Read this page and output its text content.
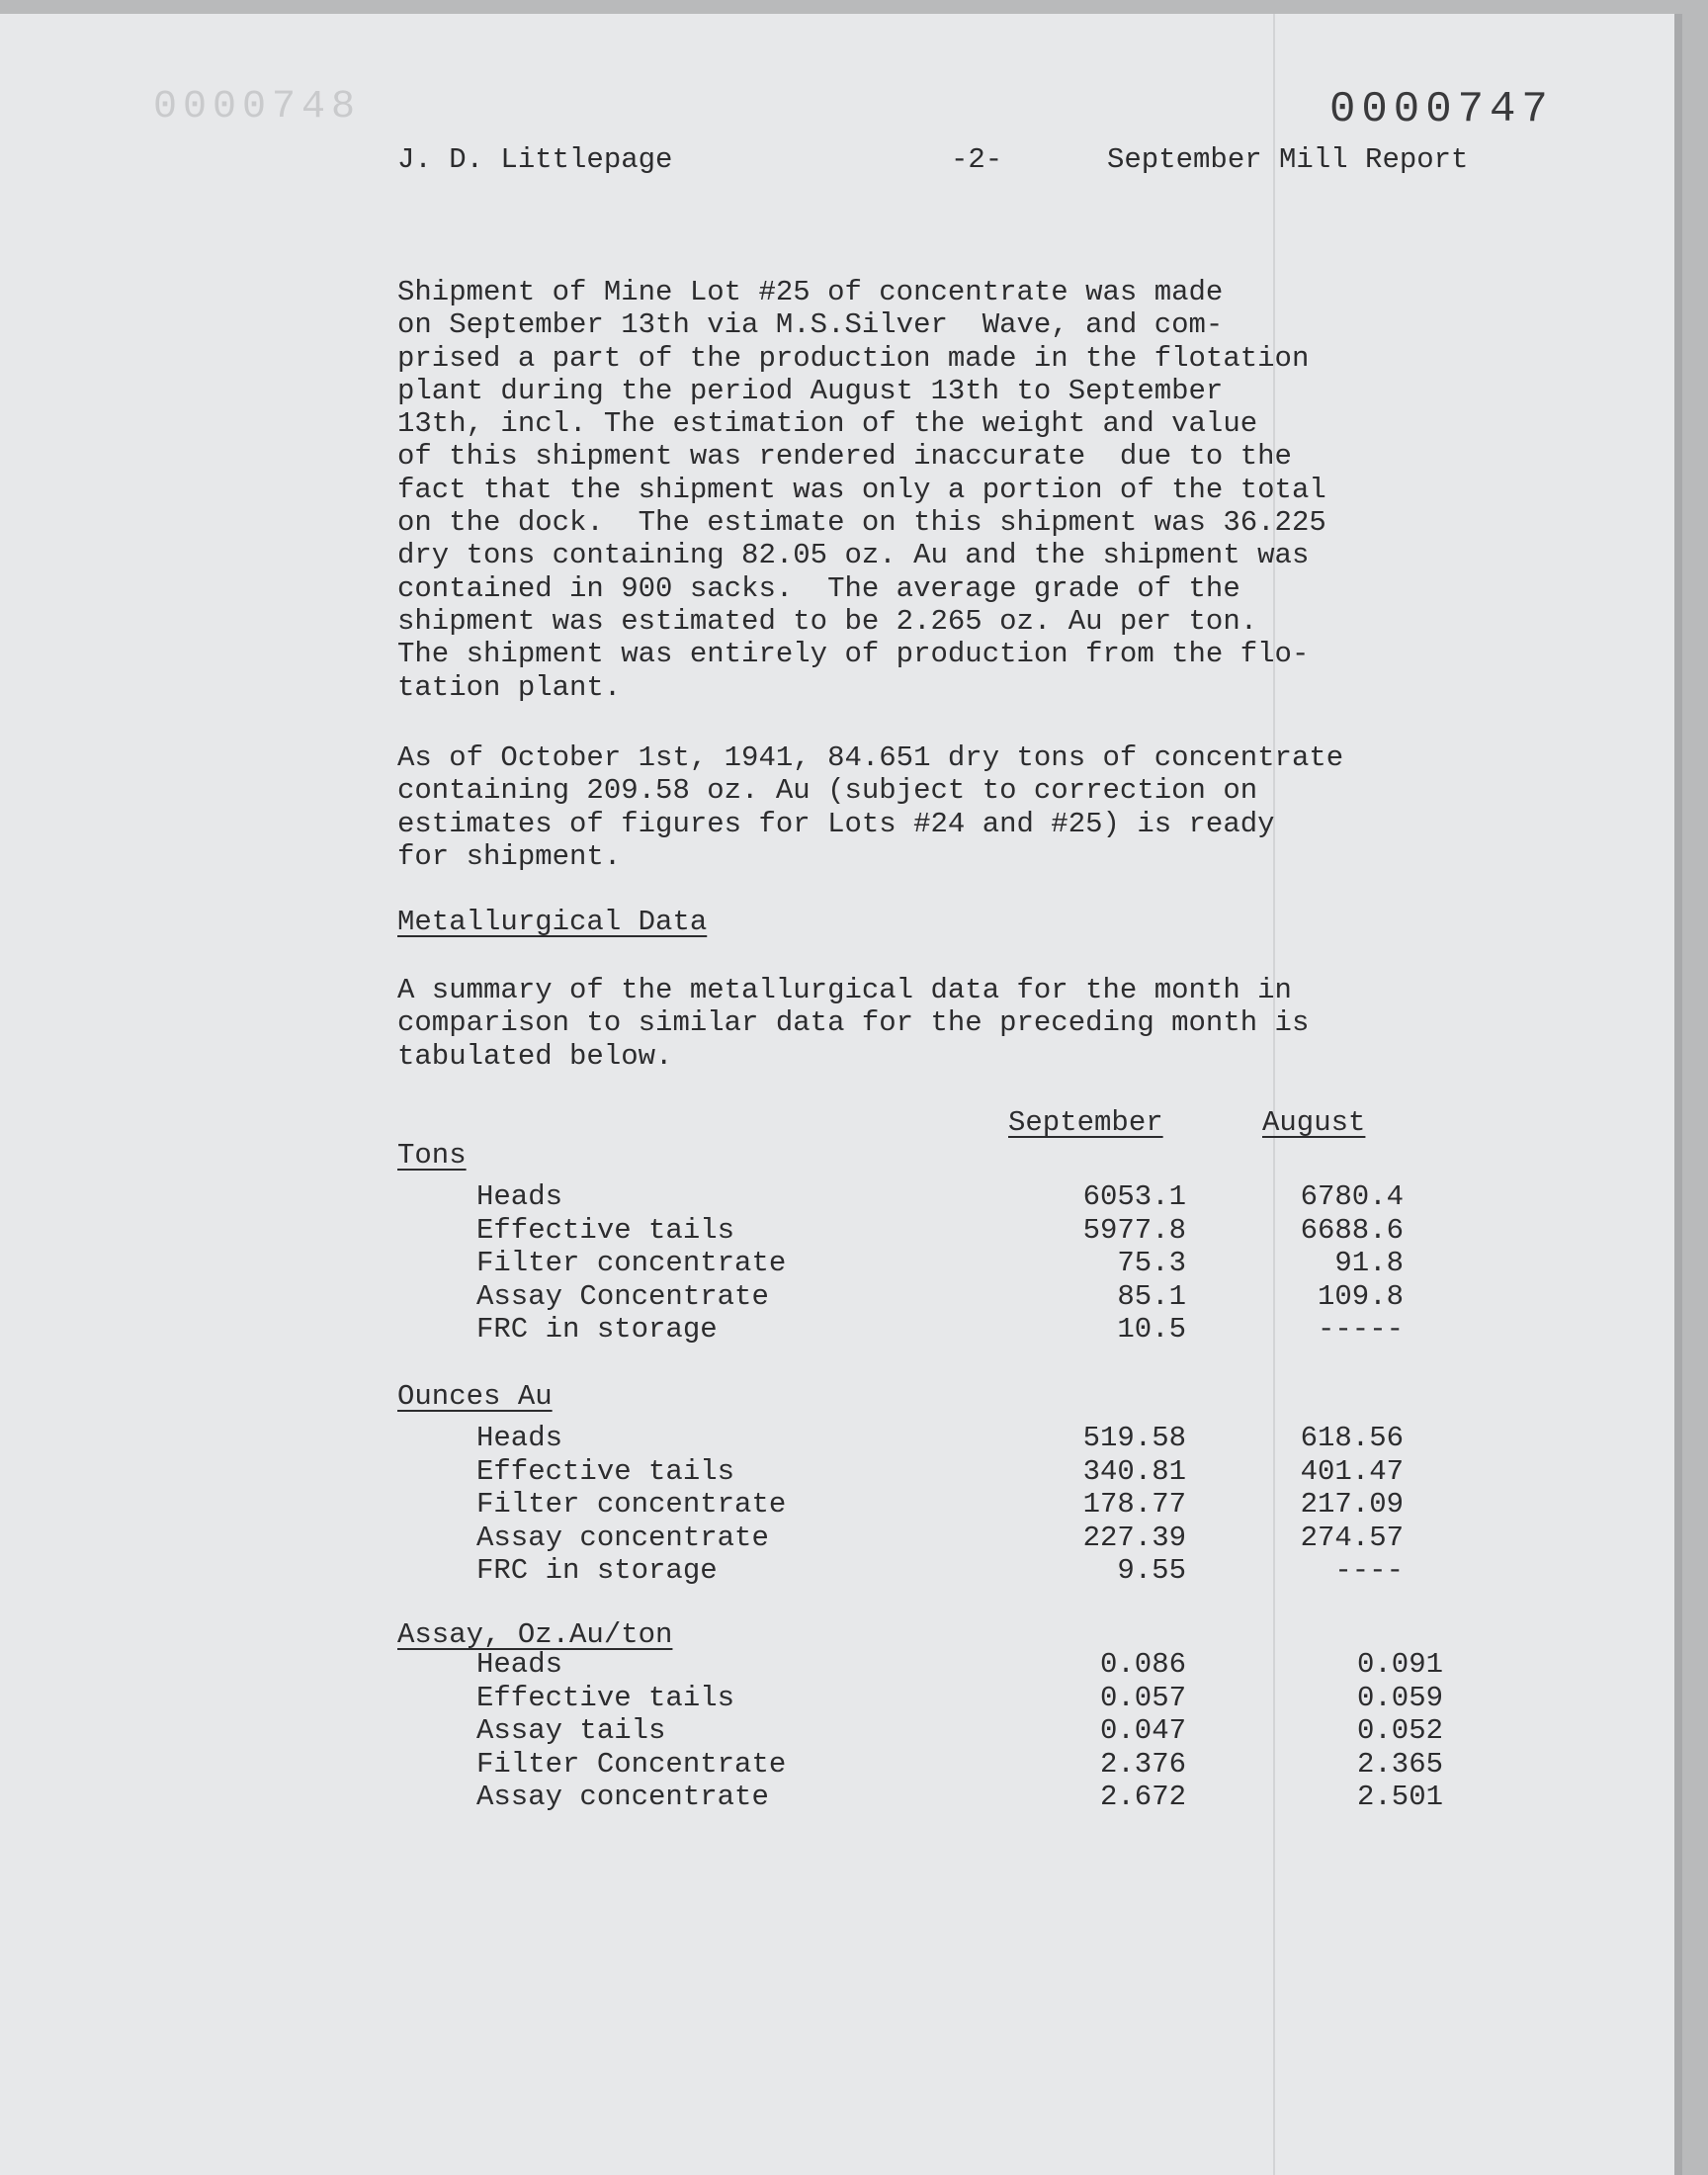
0000748	0000747
J. D. Littlepage	-2-	September Mill Report
Shipment of Mine Lot #25 of concentrate was made
on September 13th via M.S.Silver  Wave, and com-
prised a part of the production made in the flotation
plant during the period August 13th to September
13th, incl. The estimation of the weight and value
of this shipment was rendered inaccurate  due to the
fact that the shipment was only a portion of the total
on the dock.  The estimate on this shipment was 36.225
dry tons containing 82.05 oz. Au and the shipment was
contained in 900 sacks.  The average grade of the
shipment was estimated to be 2.265 oz. Au per ton.
The shipment was entirely of production from the flo-
tation plant.
As of October 1st, 1941, 84.651 dry tons of concentrate
containing 209.58 oz. Au (subject to correction on
estimates of figures for Lots #24 and #25) is ready
for shipment.
Metallurgical Data
A summary of the metallurgical data for the month in
comparison to similar data for the preceding month is
tabulated below.
September	August
Tons
Heads	6053.1	6780.4
Effective tails	5977.8	6688.6
Filter concentrate	75.3	91.8
Assay Concentrate	85.1	109.8
FRC in storage	10.5	-----
Ounces Au
Heads	519.58	618.56
Effective tails	340.81	401.47
Filter concentrate	178.77	217.09
Assay concentrate	227.39	274.57
FRC in storage	9.55	----
Assay, Oz.Au/ton
Heads	0.086	0.091
Effective tails	0.057	0.059
Assay tails	0.047	0.052
Filter Concentrate	2.376	2.365
Assay concentrate	2.672	2.501
